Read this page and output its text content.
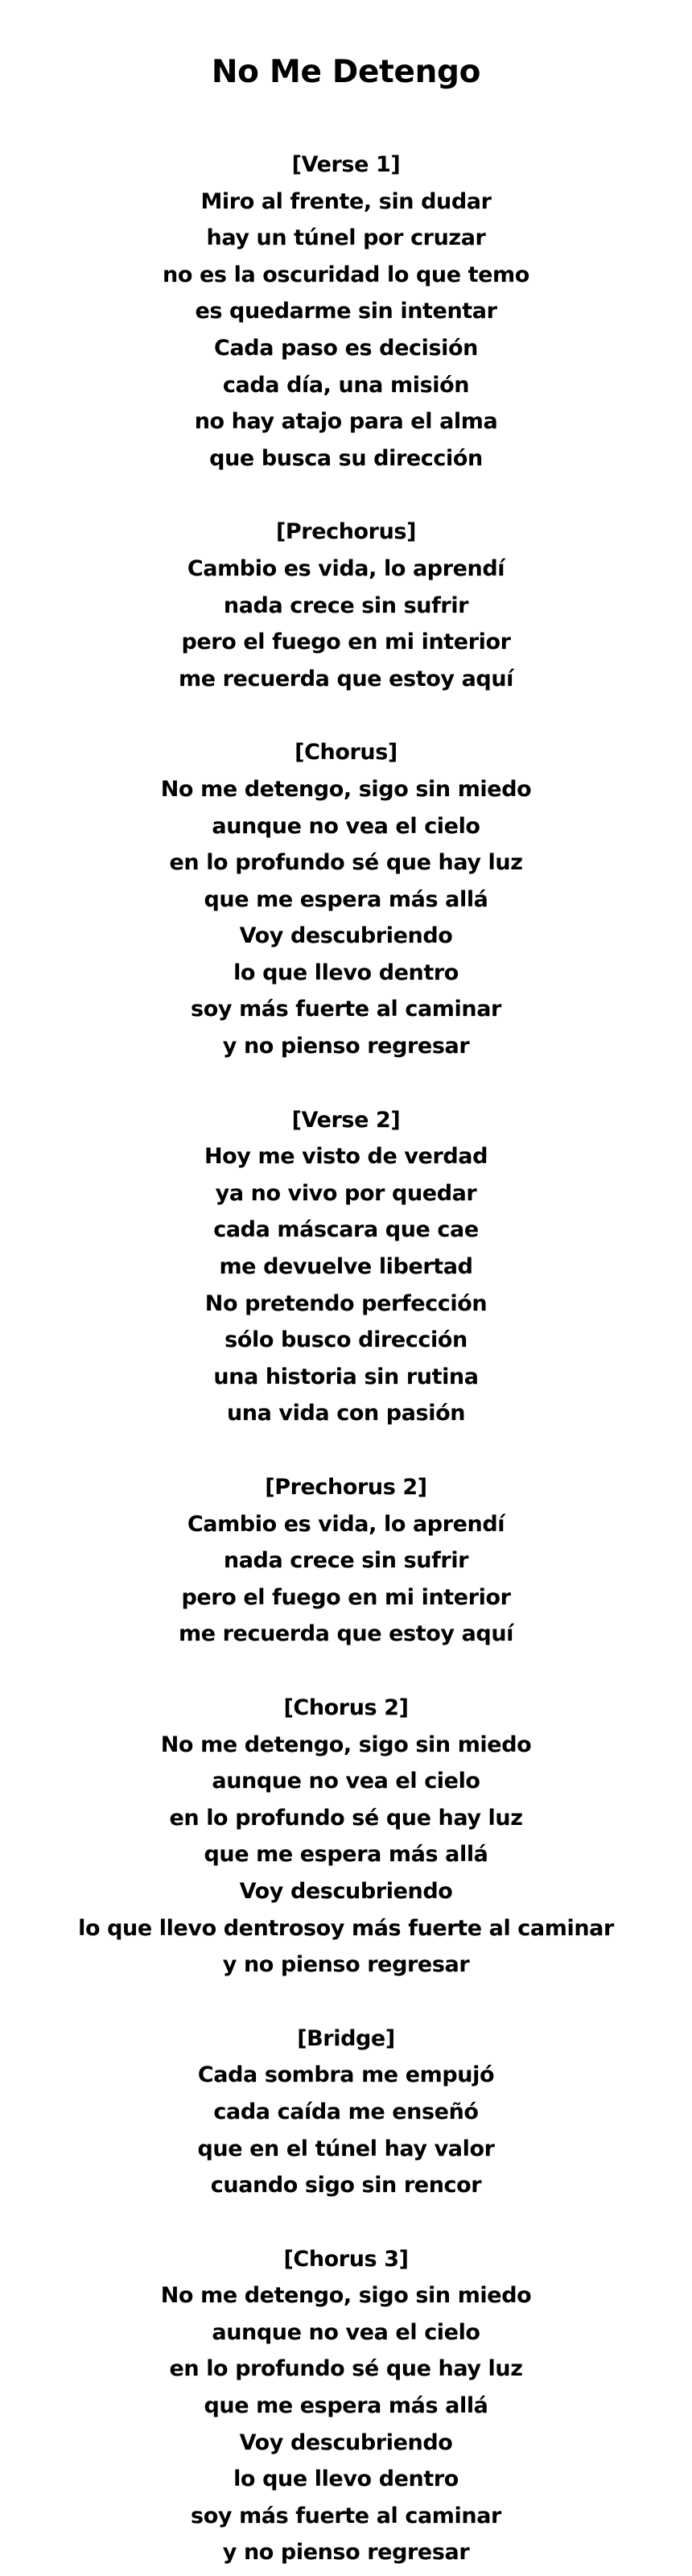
No Me Detengo
[Verse 1]
Miro al frente, sin dudar
hay un túnel por cruzar
no es la oscuridad lo que temo
es quedarme sin intentar
Cada paso es decisión
cada día, una misión
no hay atajo para el alma
que busca su dirección
[Prechorus]
Cambio es vida, lo aprendí
nada crece sin sufrir
pero el fuego en mi interior
me recuerda que estoy aquí
[Chorus]
No me detengo, sigo sin miedo
aunque no vea el cielo
en lo profundo sé que hay luz
que me espera más allá
Voy descubriendo
lo que llevo dentro
soy más fuerte al caminar
y no pienso regresar
[Verse 2]
Hoy me visto de verdad
ya no vivo por quedar
cada máscara que cae
me devuelve libertad
No pretendo perfección
sólo busco dirección
una historia sin rutina
una vida con pasión
[Prechorus 2]
Cambio es vida, lo aprendí
nada crece sin sufrir
pero el fuego en mi interior
me recuerda que estoy aquí
[Chorus 2]
No me detengo, sigo sin miedo
aunque no vea el cielo
en lo profundo sé que hay luz
que me espera más allá
Voy descubriendo
lo que llevo dentrosoy más fuerte al caminar
y no pienso regresar
[Bridge]
Cada sombra me empujó
cada caída me enseñó
que en el túnel hay valor
cuando sigo sin rencor
[Chorus 3]
No me detengo, sigo sin miedo
aunque no vea el cielo
en lo profundo sé que hay luz
que me espera más allá
Voy descubriendo
lo que llevo dentro
soy más fuerte al caminar
y no pienso regresar
